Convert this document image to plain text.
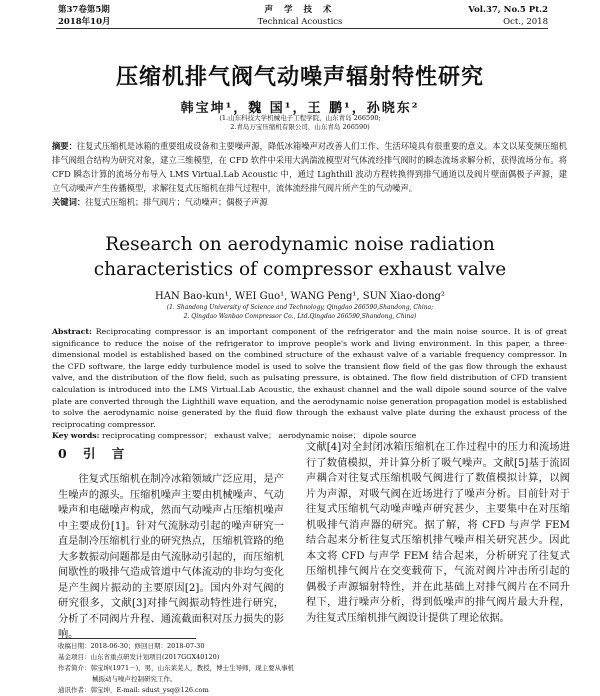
第37卷第5期
2018年10月
声 学 技 术
Technical Acoustics
Vol.37, No.5 Pt.2
Oct., 2018
压缩机排气阀气动噪声辐射特性研究
韩宝坤¹，魏 国¹，王 鹏¹，孙晓东²
(1.山东科技大学机械电子工程学院，山东青岛 266590;
2.青岛万宝压缩机有限公司，山东青岛 266590)

摘要：往复式压缩机是冰箱的重要组成设备和主要噪声源，降低冰箱噪声对改善人们工作、生活环境具有很重要的意义。本文以某变频压缩机排气阀组合结构为研究对象，建立三维模型，在 CFD 软件中采用大涡湍流模型对气体流经排气阀时的瞬态流场求解分析，获得流场分布。将 CFD 瞬态计算的流场分布导入 LMS Virtual.Lab Acoustic 中，通过 Lighthill 波动方程转换得到排气通道以及阀片壁面偶极子声源，建立气动噪声产生传播模型，求解往复式压缩机在排气过程中，流体流经排气阀片所产生的气动噪声。

关键词：往复式压缩机；排气阀片；气动噪声；偶极子声源

Research on aerodynamic noise radiation characteristics of compressor exhaust valve
HAN Bao-kun¹, WEI Guo¹, WANG Peng¹, SUN Xiao-dong²
(1. Shandong University of Science and Technology, Qingdao 266590,Shandong, China;
2. Qingdao Wanbao Compressor Co., Ltd.Qingdao 266590,Shandong, China)

Abstract: Reciprocating compressor is an important component of the refrigerator and the main noise source. It is of great significance to reduce the noise of the refrigerator to improve people's work and living environment. In this paper, a three-dimensional model is established based on the combined structure of the exhaust valve of a variable frequency compressor. In the CFD software, the large eddy turbulence model is used to solve the transient flow field of the gas flow through the exhaust valve, and the distribution of the flow field, such as pulsating pressure, is obtained. The flow field distribution of CFD transient calculation is introduced into the LMS Virtual.Lab Acoustic, the exhaust channel and the wall dipole sound source of the valve plate are converted through the Lighthill wave equation, and the aerodynamic noise generation propagation model is established to solve the aerodynamic noise generated by the fluid flow through the exhaust valve plate during the exhaust process of the reciprocating compressor.

Key words: reciprocating compressor； exhaust valve； aerodynamic noise； dipole source

0 引 言
往复式压缩机在制冷冰箱领域广泛应用，是产生噪声的源头。压缩机噪声主要由机械噪声、气动噪声和电磁噪声构成，然而气动噪声占压缩机噪声中主要成份[1]。针对气流脉动引起的噪声研究一直是制冷压缩机行业的研究热点，压缩机管路的绝大多数振动问题都是由气流脉动引起的，而压缩机间歇性的吸排气造成管道中气体流动的非均匀变化是产生阀片振动的主要原因[2]。国内外对气阀的研究很多，文献[3]对排气阀振动特性进行研究，分析了不同阀片升程、通流截面积对压力损失的影响。
文献[4]对全封闭冰箱压缩机在工作过程中的压力和流场进行了数值模拟，并计算分析了吸气噪声。文献[5]基于流固声耦合对往复式压缩机吸气阀进行了数值模拟计算，以阀片为声源，对吸气阀在近场进行了噪声分析。目前针对于往复式压缩机气动噪声噪声研究甚少，主要集中在对压缩机吸排气消声器的研究。据了解，将 CFD 与声学 FEM 结合起来分析往复式压缩机排气噪声相关研究甚少。因此本文将 CFD 与声学 FEM 结合起来，分析研究了往复式压缩机排气阀片在交变载荷下，气流对阀片冲击所引起的偶极子声源辐射特性，并在此基础上对排气阀片在不同升程下，进行噪声分析，得到低噪声的排气阀片最大升程，为往复式压缩机排气阀设计提供了理论依据。
收稿日期：2018-06-30；修回日期：2018-07-30
基金项目：山东省重点研发计划项目(2017GGX40120)
作者简介：韩宝坤(1971－)，男，山东莱芜人，教授，博士生导师，现主要从事机械振动与噪声控制研究工作。
通讯作者：韩宝坤，E-mail: sdust_ysq@126.com
